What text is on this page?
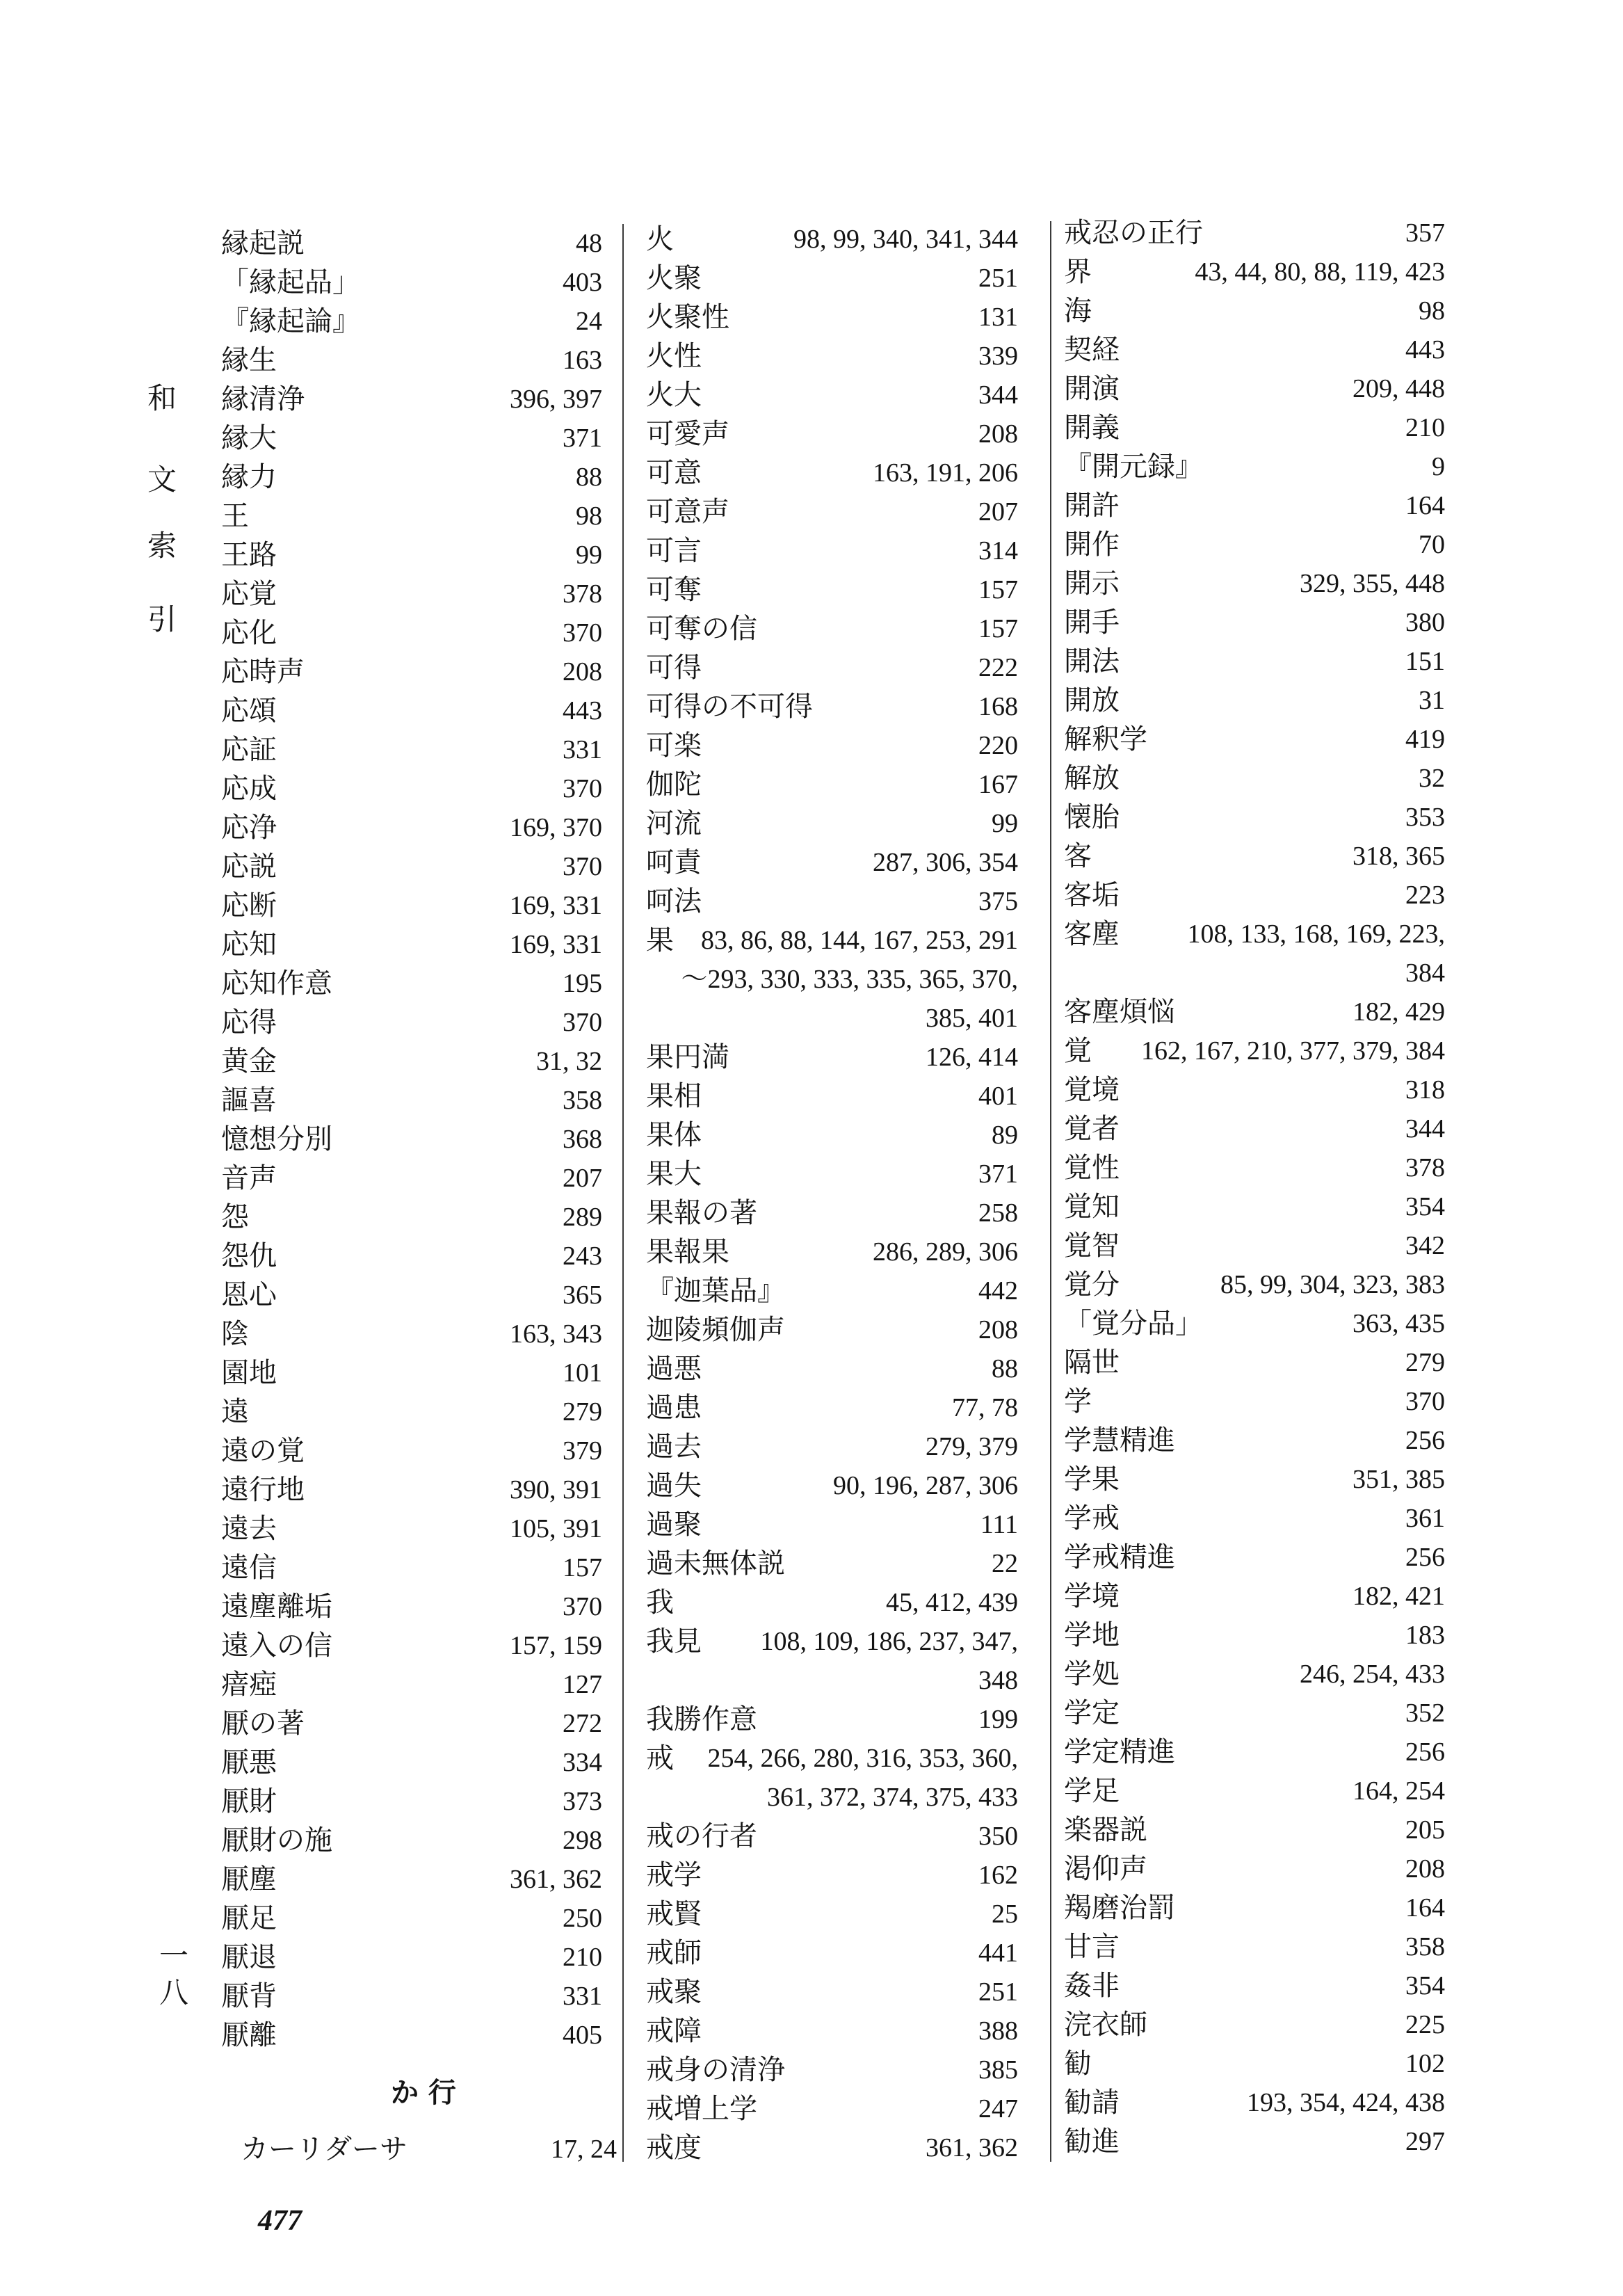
和
文
索
引
一
八
縁起説	48
「縁起品」	403
『縁起論』	24
縁生	163
縁清浄	396, 397
縁大	371
縁力	88
王	98
王路	99
応覚	378
応化	370
応時声	208
応頌	443
応証	331
応成	370
応浄	169, 370
応説	370
応断	169, 331
応知	169, 331
応知作意	195
応得	370
黄金	31, 32
謳喜	358
憶想分別	368
音声	207
怨	289
怨仇	243
恩心	365
陰	163, 343
園地	101
遠	279
遠の覚	379
遠行地	390, 391
遠去	105, 391
遠信	157
遠塵離垢	370
遠入の信	157, 159
瘖瘂	127
厭の著	272
厭悪	334
厭財	373
厭財の施	298
厭塵	361, 362
厭足	250
厭退	210
厭背	331
厭離	405
か 行
カーリダーサ	17, 24
火	98, 99, 340, 341, 344
火聚	251
火聚性	131
火性	339
火大	344
可愛声	208
可意	163, 191, 206
可意声	207
可言	314
可奪	157
可奪の信	157
可得	222
可得の不可得	168
可楽	220
伽陀	167
河流	99
呵責	287, 306, 354
呵法	375
果 83, 86, 88, 144, 167, 253, 291
～293, 330, 333, 335, 365, 370,
385, 401
果円満	126, 414
果相	401
果体	89
果大	371
果報の著	258
果報果	286, 289, 306
『迦葉品』	442
迦陵頻伽声	208
過悪	88
過患	77, 78
過去	279, 379
過失	90, 196, 287, 306
過聚	111
過未無体説	22
我	45, 412, 439
我見 108, 109, 186, 237, 347,
348
我勝作意	199
戒 254, 266, 280, 316, 353, 360,
361, 372, 374, 375, 433
戒の行者	350
戒学	162
戒賢	25
戒師	441
戒聚	251
戒障	388
戒身の清浄	385
戒増上学	247
戒度	361, 362
戒忍の正行	357
界	43, 44, 80, 88, 119, 423
海	98
契経	443
開演	209, 448
開義	210
『開元録』	9
開許	164
開作	70
開示	329, 355, 448
開手	380
開法	151
開放	31
解釈学	419
解放	32
懐胎	353
客	318, 365
客垢	223
客塵	108, 133, 168, 169, 223,
384
客塵煩悩	182, 429
覚 162, 167, 210, 377, 379, 384
覚境	318
覚者	344
覚性	378
覚知	354
覚智	342
覚分	85, 99, 304, 323, 383
「覚分品」	363, 435
隔世	279
学	370
学慧精進	256
学果	351, 385
学戒	361
学戒精進	256
学境	182, 421
学地	183
学処	246, 254, 433
学定	352
学定精進	256
学足	164, 254
楽器説	205
渇仰声	208
羯磨治罰	164
甘言	358
姦非	354
浣衣師	225
勧	102
勧請	193, 354, 424, 438
勧進	297
477
